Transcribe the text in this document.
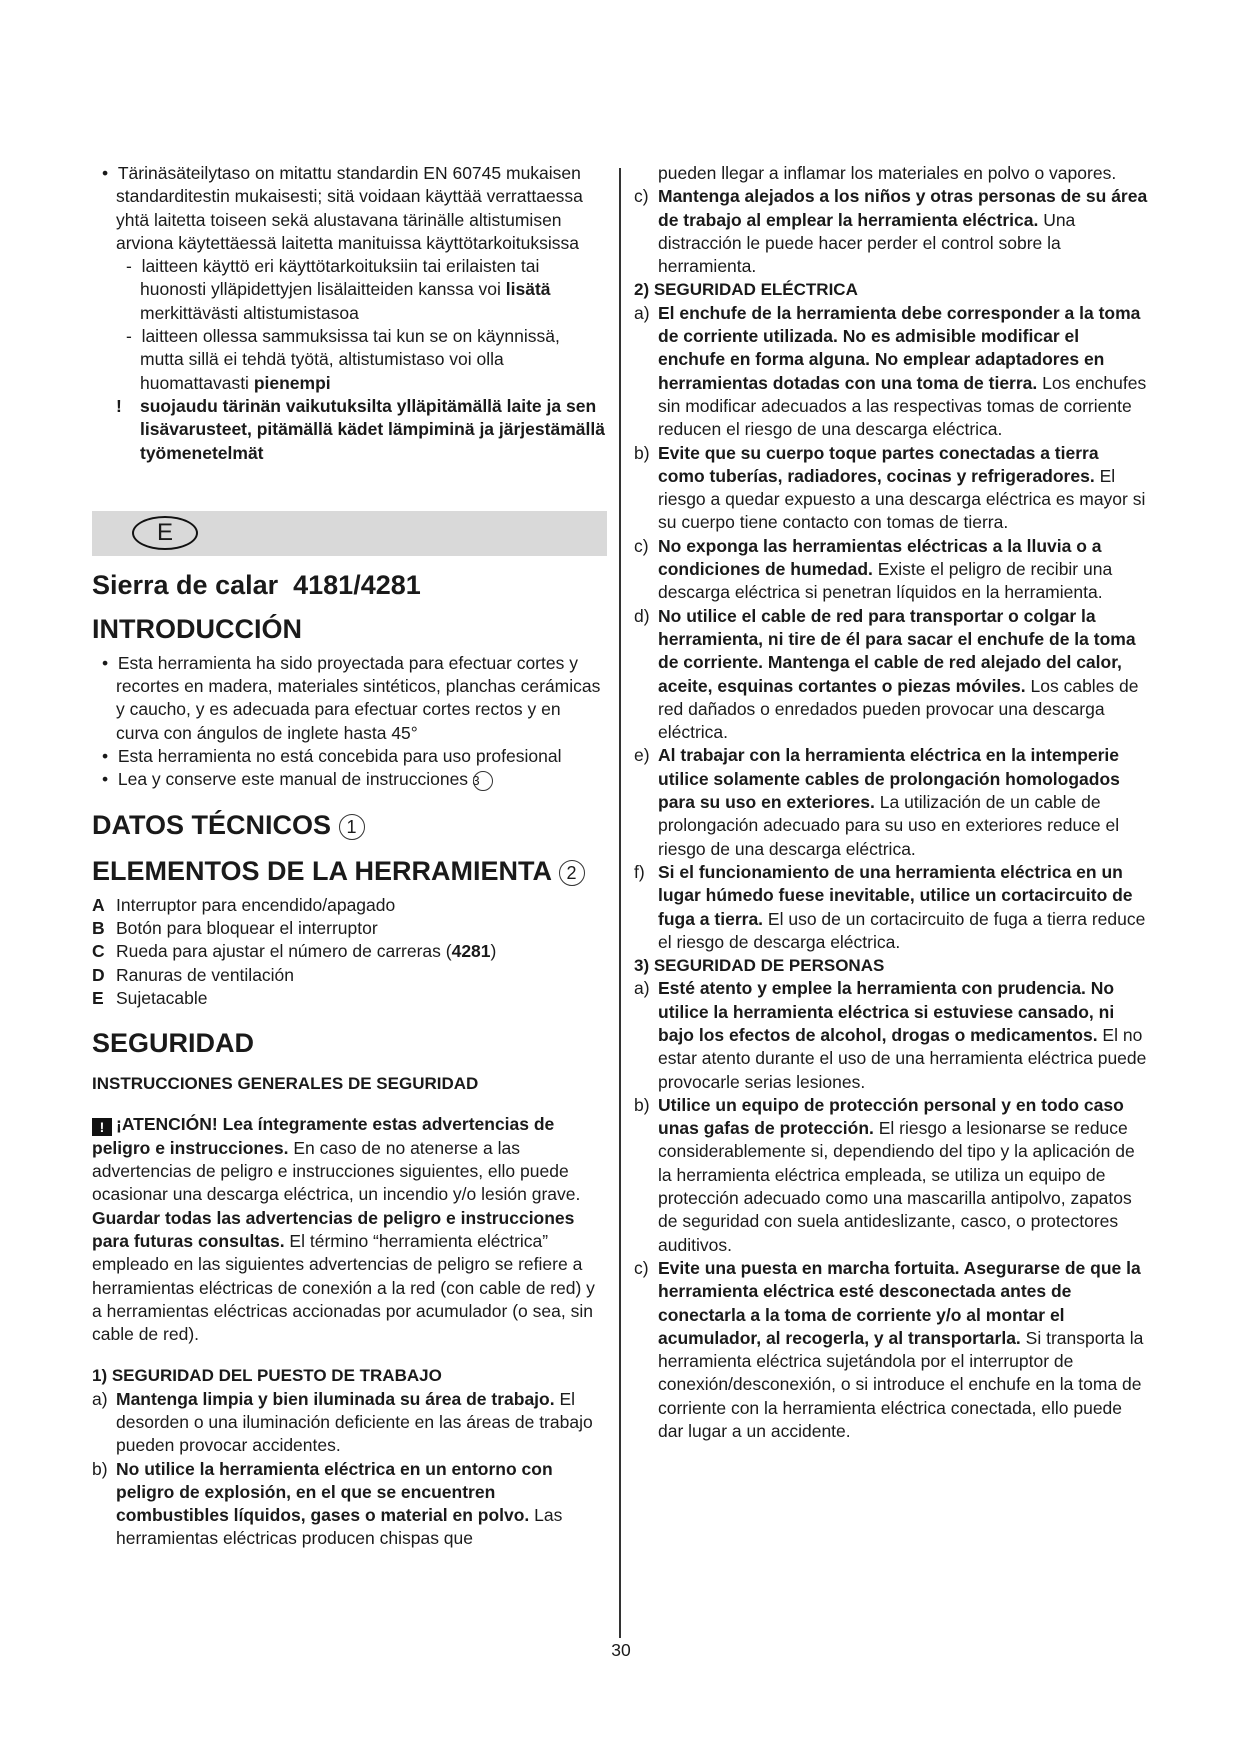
•  Tärinäsäteilytaso on mitattu standardin EN 60745 mukaisen standarditestin mukaisesti; sitä voidaan käyttää verrattaessa yhtä laitetta toiseen sekä alustavana tärinälle altistumisen arviona käytettäessä laitetta manituissa käyttötarkoituksissa

-  laitteen käyttö eri käyttötarkoituksiin tai erilaisten tai huonosti ylläpidettyjen lisälaitteiden kanssa voi lisätä merkittävästi altistumistasoa

-  laitteen ollessa sammuksissa tai kun se on käynnissä, mutta sillä ei tehdä työtä, altistumistaso voi olla huomattavasti pienempi

! suojaudu tärinän vaikutuksilta ylläpitämällä laite ja sen lisävarusteet, pitämällä kädet lämpiminä ja järjestämällä työmenetelmät

E
Sierra de calar  4181/4281
INTRODUCCIÓN

•  Esta herramienta ha sido proyectada para efectuar cortes y recortes en madera, materiales sintéticos, planchas cerámicas y caucho, y es adecuada para efectuar cortes rectos y en curva con ángulos de inglete hasta 45°

•  Esta herramienta no está concebida para uso profesional

•  Lea y conserve este manual de instrucciones 3

DATOS TÉCNICOS 1
ELEMENTOS DE LA HERRAMIENTA 2

A Interruptor para encendido/apagado

B Botón para bloquear el interruptor

C Rueda para ajustar el número de carreras (4281)

D Ranuras de ventilación

E Sujetacable

SEGURIDAD

INSTRUCCIONES GENERALES DE SEGURIDAD

! ¡ATENCIÓN! Lea íntegramente estas advertencias de peligro e instrucciones. En caso de no atenerse a las advertencias de peligro e instrucciones siguientes, ello puede ocasionar una descarga eléctrica, un incendio y/o lesión grave. Guardar todas las advertencias de peligro e instrucciones para futuras consultas. El término “herramienta eléctrica” empleado en las siguientes advertencias de peligro se refiere a herramientas eléctricas de conexión a la red (con cable de red) y a herramientas eléctricas accionadas por acumulador (o sea, sin cable de red).

1) SEGURIDAD DEL PUESTO DE TRABAJO

a) Mantenga limpia y bien iluminada su área de trabajo. El desorden o una iluminación deficiente en las áreas de trabajo pueden provocar accidentes.

b) No utilice la herramienta eléctrica en un entorno con peligro de explosión, en el que se encuentren combustibles líquidos, gases o material en polvo. Las herramientas eléctricas producen chispas que

pueden llegar a inflamar los materiales en polvo o vapores.

c) Mantenga alejados a los niños y otras personas de su área de trabajo al emplear la herramienta eléctrica. Una distracción le puede hacer perder el control sobre la herramienta.

2) SEGURIDAD ELÉCTRICA

a) El enchufe de la herramienta debe corresponder a la toma de corriente utilizada. No es admisible modificar el enchufe en forma alguna. No emplear adaptadores en herramientas dotadas con una toma de tierra. Los enchufes sin modificar adecuados a las respectivas tomas de corriente reducen el riesgo de una descarga eléctrica.

b) Evite que su cuerpo toque partes conectadas a tierra como tuberías, radiadores, cocinas y refrigeradores. El riesgo a quedar expuesto a una descarga eléctrica es mayor si su cuerpo tiene contacto con tomas de tierra.

c) No exponga las herramientas eléctricas a la lluvia o a condiciones de humedad. Existe el peligro de recibir una descarga eléctrica si penetran líquidos en la herramienta.

d) No utilice el cable de red para transportar o colgar la herramienta, ni tire de él para sacar el enchufe de la toma de corriente. Mantenga el cable de red alejado del calor, aceite, esquinas cortantes o piezas móviles. Los cables de red dañados o enredados pueden provocar una descarga eléctrica.

e) Al trabajar con la herramienta eléctrica en la intemperie utilice solamente cables de prolongación homologados para su uso en exteriores. La utilización de un cable de prolongación adecuado para su uso en exteriores reduce el riesgo de una descarga eléctrica.

f) Si el funcionamiento de una herramienta eléctrica en un lugar húmedo fuese inevitable, utilice un cortacircuito de fuga a tierra. El uso de un cortacircuito de fuga a tierra reduce el riesgo de descarga eléctrica.

3) SEGURIDAD DE PERSONAS

a) Esté atento y emplee la herramienta con prudencia. No utilice la herramienta eléctrica si estuviese cansado, ni bajo los efectos de alcohol, drogas o medicamentos. El no estar atento durante el uso de una herramienta eléctrica puede provocarle serias lesiones.

b) Utilice un equipo de protección personal y en todo caso unas gafas de protección. El riesgo a lesionarse se reduce considerablemente si, dependiendo del tipo y la aplicación de la herramienta eléctrica empleada, se utiliza un equipo de protección adecuado como una mascarilla antipolvo, zapatos de seguridad con suela antideslizante, casco, o protectores auditivos.

c) Evite una puesta en marcha fortuita. Asegurarse de que la herramienta eléctrica esté desconectada antes de conectarla a la toma de corriente y/o al montar el acumulador, al recogerla, y al transportarla. Si transporta la herramienta eléctrica sujetándola por el interruptor de conexión/desconexión, o si introduce el enchufe en la toma de corriente con la herramienta eléctrica conectada, ello puede dar lugar a un accidente.

30
